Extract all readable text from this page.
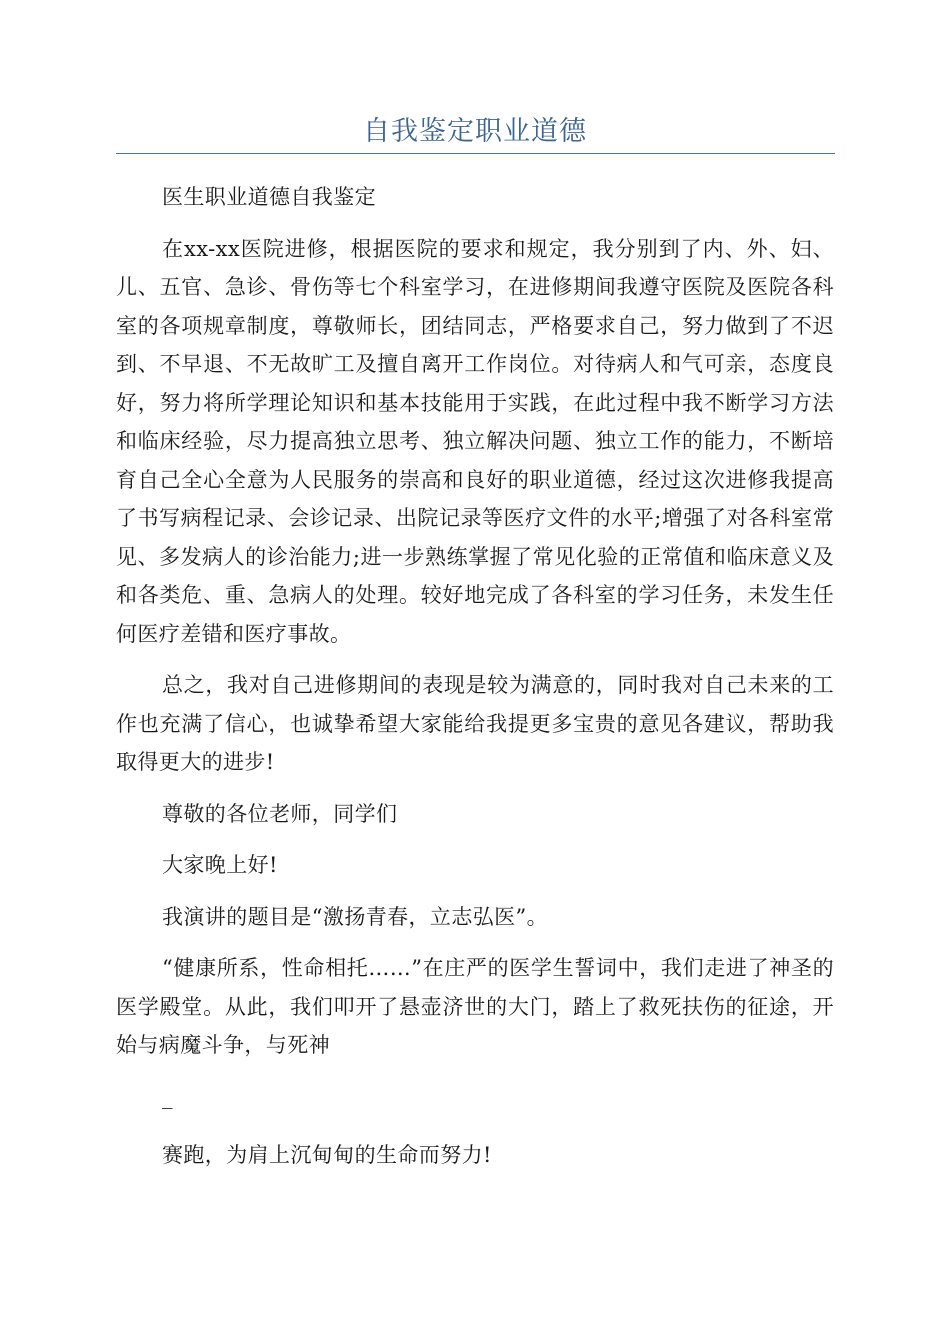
自我鉴定职业道德

医生职业道德自我鉴定

在xx-xx医院进修，根据医院的要求和规定，我分别到了内、外、妇、儿、五官、急诊、骨伤等七个科室学习，在进修期间我遵守医院及医院各科室的各项规章制度，尊敬师长，团结同志，严格要求自己，努力做到了不迟到、不早退、不无故旷工及擅自离开工作岗位。对待病人和气可亲，态度良好，努力将所学理论知识和基本技能用于实践，在此过程中我不断学习方法和临床经验，尽力提高独立思考、独立解决问题、独立工作的能力，不断培育自己全心全意为人民服务的崇高和良好的职业道德，经过这次进修我提高了书写病程记录、会诊记录、出院记录等医疗文件的水平;增强了对各科室常见、多发病人的诊治能力;进一步熟练掌握了常见化验的正常值和临床意义及和各类危、重、急病人的处理。较好地完成了各科室的学习任务，未发生任何医疗差错和医疗事故。

总之，我对自己进修期间的表现是较为满意的，同时我对自己未来的工作也充满了信心，也诚挚希望大家能给我提更多宝贵的意见各建议，帮助我取得更大的进步!

尊敬的各位老师，同学们

大家晚上好!

我演讲的题目是“激扬青春，立志弘医”。

“健康所系，性命相托……”在庄严的医学生誓词中，我们走进了神圣的医学殿堂。从此，我们叩开了悬壶济世的大门，踏上了救死扶伤的征途，开始与病魔斗争，与死神

_

赛跑，为肩上沉甸甸的生命而努力!
